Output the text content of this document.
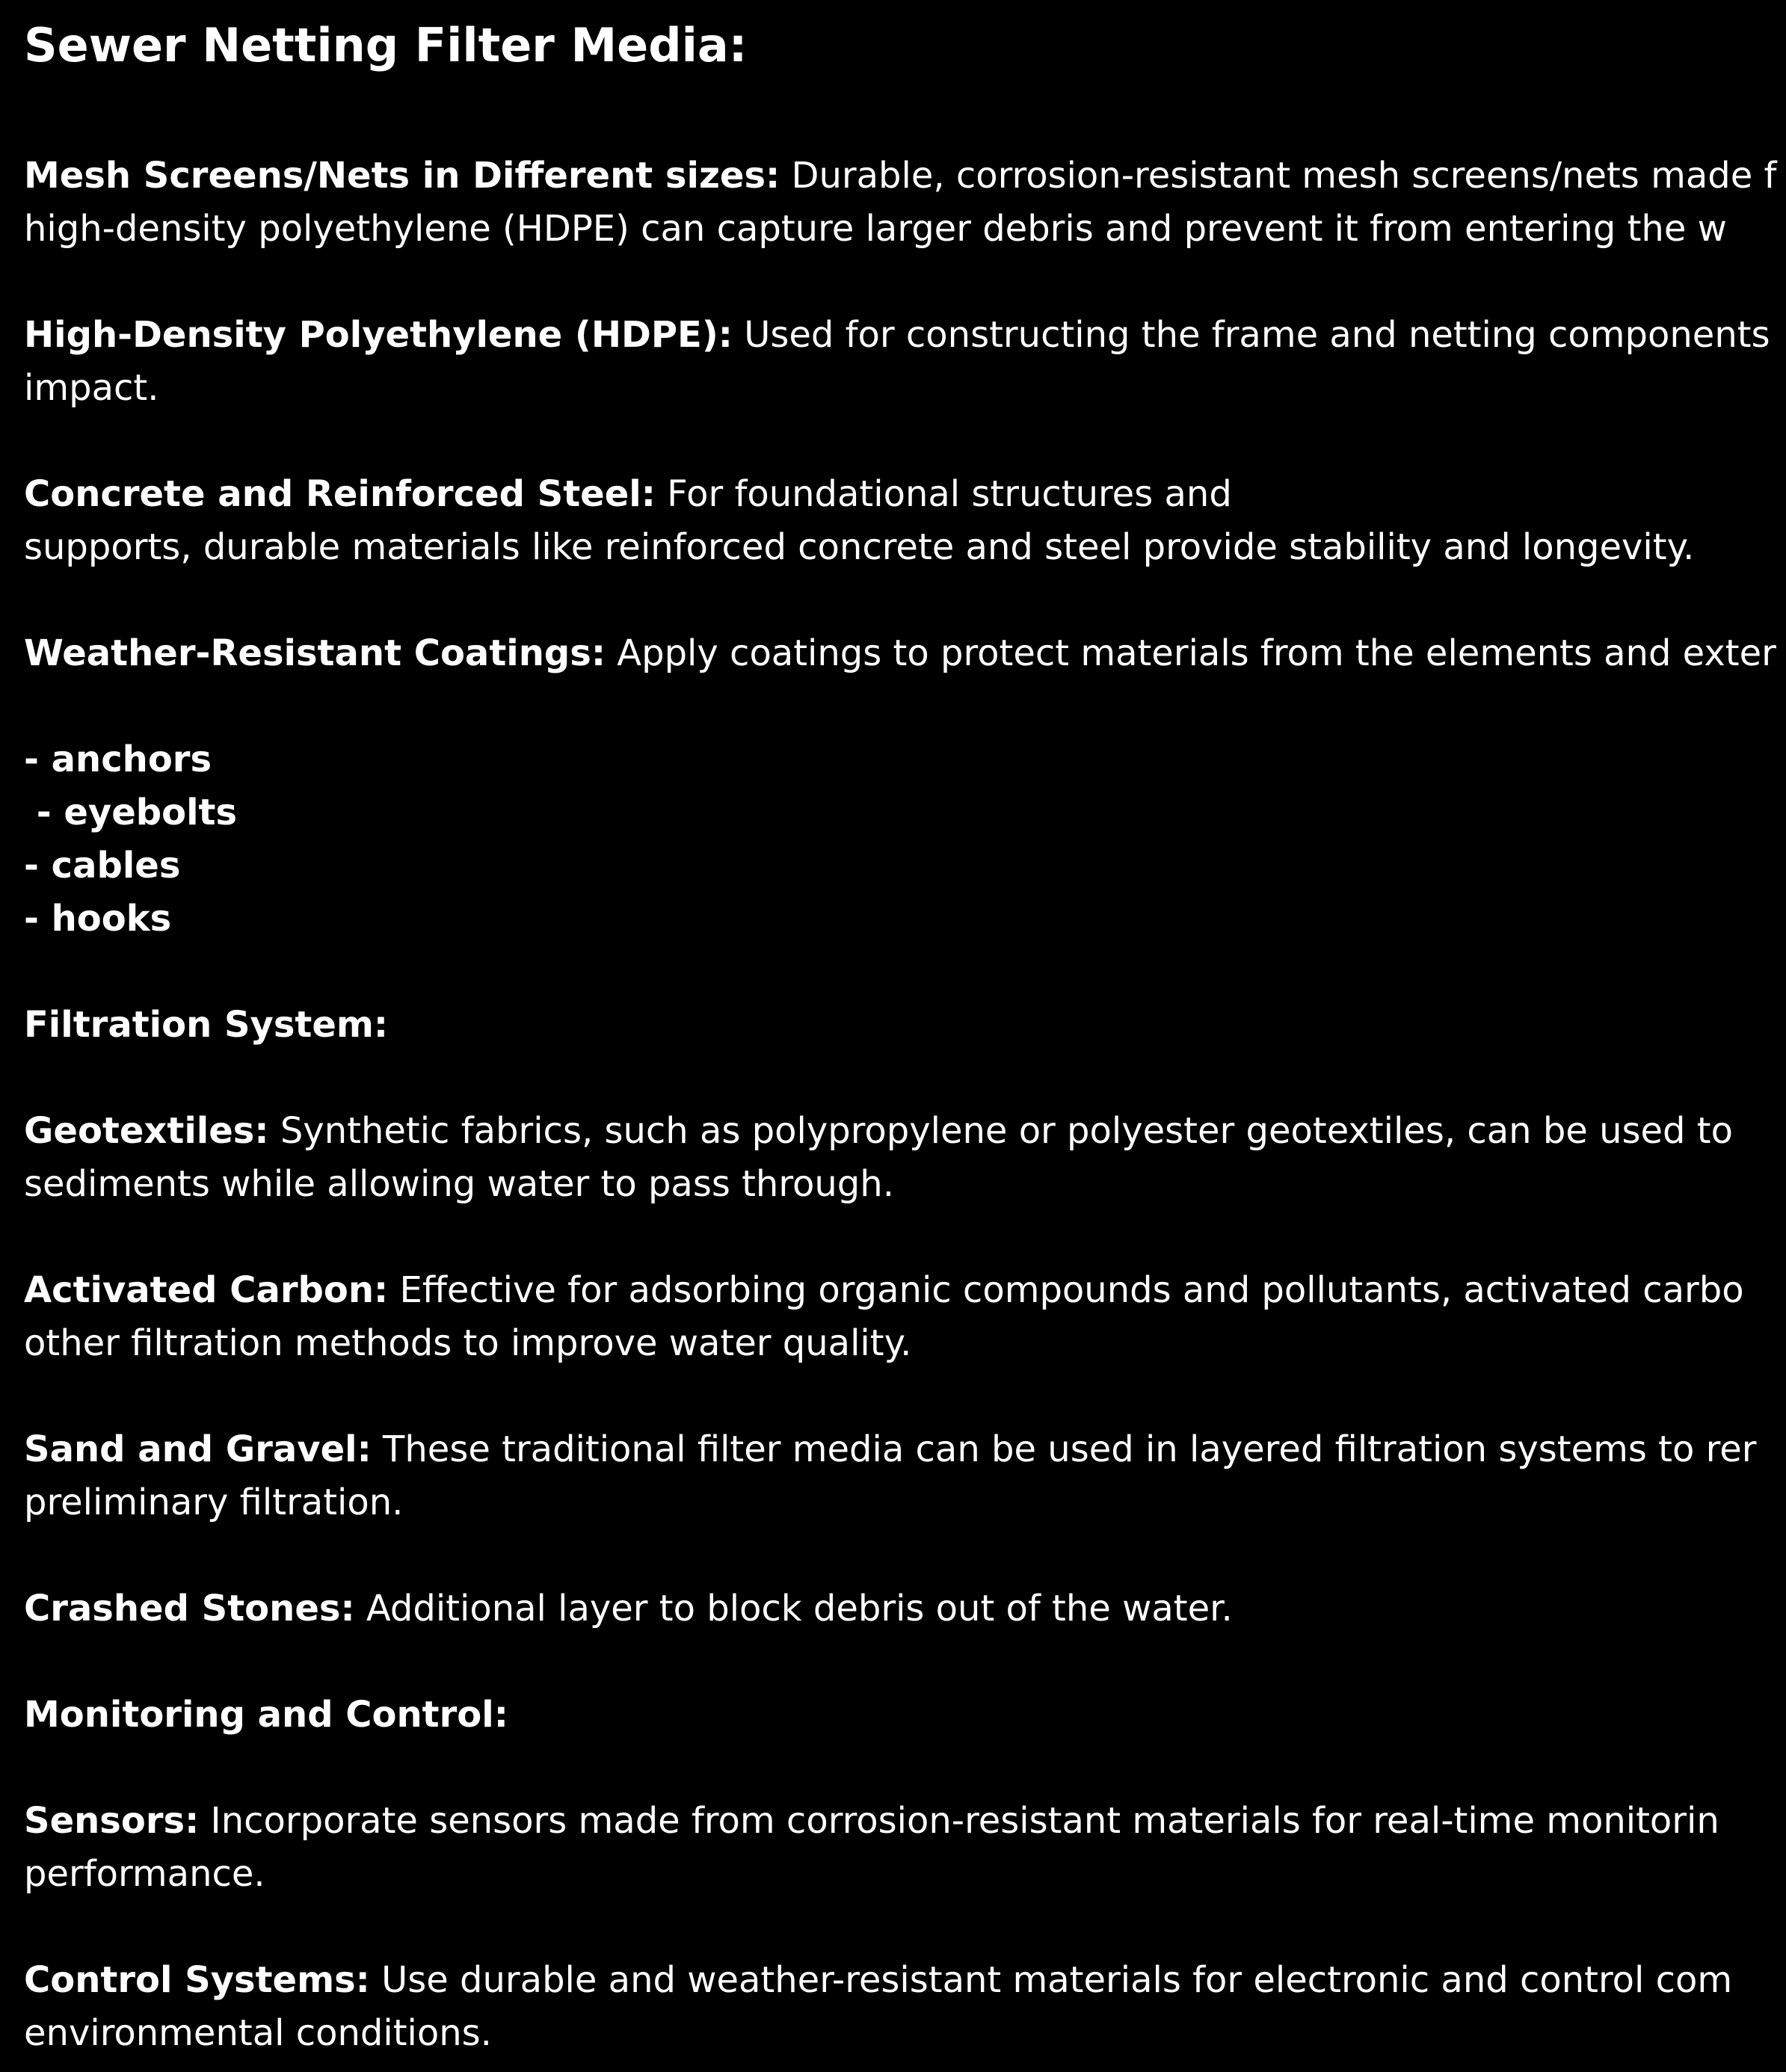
Sewer Netting Filter Media:
Mesh Screens/Nets in Different sizes: Durable, corrosion-resistant mesh screens/nets made f
high-density polyethylene (HDPE) can capture larger debris and prevent it from entering the w
High-Density Polyethylene (HDPE): Used for constructing the frame and netting components
impact.
Concrete and Reinforced Steel: For foundational structures and
supports, durable materials like reinforced concrete and steel provide stability and longevity.
Weather-Resistant Coatings: Apply coatings to protect materials from the elements and exter
- anchors
- eyebolts
- cables
- hooks
Filtration System:
Geotextiles: Synthetic fabrics, such as polypropylene or polyester geotextiles, can be used to
sediments while allowing water to pass through.
Activated Carbon: Effective for adsorbing organic compounds and pollutants, activated carbo
other filtration methods to improve water quality.
Sand and Gravel: These traditional filter media can be used in layered filtration systems to rer
preliminary filtration.
Crashed Stones: Additional layer to block debris out of the water.
Monitoring and Control:
Sensors: Incorporate sensors made from corrosion-resistant materials for real-time monitorin
performance.
Control Systems: Use durable and weather-resistant materials for electronic and control com
environmental conditions.
